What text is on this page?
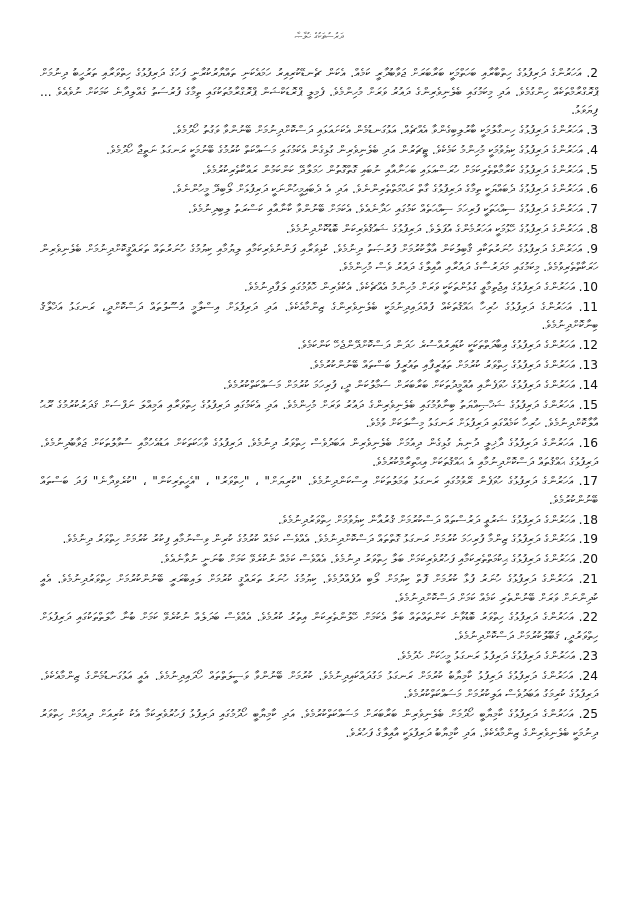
ދަރުސުތަކުގެ ޚުލާޞާ

2. އަހަރުންގެ ދަރިފުޅުގެ ހިތްބާރާއި ބަހަތްމަކީ ބަރާބަރަށް ޖަވާބުދާރީ ކަމެއް. އެކަން ޗެނޑޭކުރިއިރު ހަމައެކަނި ތައްޔާރުކުރާނީ ފަހުގެ ދަރިފުޅުގެ ހިތްވަރާއި ތަރުހީބު ދިނުމަށް ޕްރޮގްރާމްތަކެއް ހިންގުމެވެ. އަދި މިކަމުގައި ބެލެނިވެރިންގެ ދައުރު ވަރަށް މުހިންމެވެ. ފެމިލީ ޕްރޮޑަކްޝަން ޕްރޮގްރާމުތަކުގައި ތިމާގެ ފުރުސަތު ގެއްލިދާނެ ކަމަކަށް ނުވެއެވެ ... ފިޔަވަޅު.

3. އަހަރުންގެ ދަރިފުޅުގެ ހިނގާލުމަކީ ބާރުލިބިގެންވާ އެއްޗެއް. އަޅުގަނޑުމެން އެކަށައަޅައި ދަސްކޮށްދިނުމަށް ބޭނުންވާ ވަގުތު ހޯދުމެވެ.

4. އަހަރުންގެ ދަރިފުޅުގެ ކިޔެވުމަކީ މުހިންމު ކަމެކެވެ. ޓީޗަރުން އަދި ބެލެނިވެރިން ގުޅިގެން އެކަމުގައި މަސައްކަތް ކުރުމުގެ ބޭނުމަކީ ރަނގަޅު ނަތީޖާ ހޯދުމެވެ.

5. އަހަރުންގެ ދަރިފުޅުގެ ކަރާމާތްތެރިކަމަށް ހުރަސްއަޅައި ބަހަނާއާއި ނުބައި ގޮތްގޮތުން ހަމަލާދޭ ކަންކަމުން ރައްކާތެރިކުރުމެވެ.

6. އަހަރުންގެ ދަރިފުޅުގެ ދެބައްޔަކީ ތިމާގެ ދަރިފުޅުގެ ގާތް ރަޙްމަތްތެރިންނެވެ. އަދި އެ ދެބައިމީހުންނަކީ ދަރިފުޅަށް ލޯބިދޭ މީހުންނެވެ.

7. އަހަރުންގެ ދަރިފުޅުގެ ސިއްޙަތަކީ ފުރިހަމަ ސިއްޙަތެއް ކަމުގައި ހަދާނެއެވެ. އެކަމަށް ބޭނުންވާ ކާނާއާއި ކަސްރަތު ލިބިދިނުމެވެ.

8. އަހަރުންގެ ދަރިފުޅުގެ ހޭޅުމަކީ އަހަރުމެންގެ އުފަލެވެ. ދަރިފުޅުގެ ޝައުޤުވެރިކަން ބޮޑުކޮށްދިނުމެވެ.

9. އަހަރުންގެ ދަރިފުޅުގެ ހުނަރުތަކާއި ޤާބިލުކަން އާލާކުރުމަށް ފުރުޞަތު ދިނުމެވެ. ކުޅިވަރާއި ފަންނުވެރިކަމާއި ލިޔުމާއި ކިޔުމުގެ ހުނަރުތައް ތަރައްޤީކޮށްދިނުމަށް ބެލެނިވެރިން ހަރަކާތްތެރިވުމެވެ. މިކަމުގައި މަދަރުސާގެ ދައުރާއި އާއިލާގެ ދައުރު ވެސް މުހިންމެވެ.

10. އަހަރުންގެ ދަރިފުޅުގެ އިޖުތިމާޢީ ގުޅުންތަކަކީ ވަރަށް މުހިންމު އެއްޗެކެވެ. އެކުވެރިން ހޮވުމުގައި ލަފާދިނުމެވެ.

11. އަހަރުންގެ ދަރިފުޅުގެ ހުރިހާ ޙައްޤުތަކެއް ފުއްދައިދިނުމަކީ ބެލެނިވެރިންގެ ޒިންމާއެކެވެ. އަދި ދަރިފުޅަށް އިސްލާމީ އުސޫލުތައް ދަސްކޮށްދީ، ރަނގަޅު އަޚްލާޤު ބިނާކޮށްދިނުމެވެ.

12. އަހަރުންގެ ދަރިފުޅުގެ އިބާދަތްތަކަކީ ކުޑައިރުއްސުރެ ހަދަން ދަސްކޮށްދޭންޖެހޭ ކަންކަމެވެ.

13. އަހަރުންގެ ދަރިފުޅުގެ ހިތްވަރު ކުރުމަށް ތަޢުރީފާއި ތައުރީފު ބަސްތައް ބޭނުންކުރުމެވެ.

14. އަހަރުންގެ ދަރިފުޅުގެ ހުވަފެނާއި އުއްމީދުތަކަށް ބަރާބަރަށް ސަމާލުކަން ދީ، ފުރިހަމަ ކުރުމަށް މަސައްކަތްކުރުމެވެ.

15. އަހަރުންގެ ދަރިފުޅުގެ ޝަޚްޞިއްޔަތު ބިނާވުމުގައި ބެލެނިވެރިންގެ ދައުރު ވަރަށް މުހިންމެވެ. އަދި އެކަމުގައި ދަރިފުޅުގެ ހިތްވަރާއި އަމިއްލަ ނަފްސަށް ޤަދަރުކުރުމުގެ ރޫޙު އާލާކޮށްދިނުމެވެ. ހުރިހާ ކަމެއްގައި ދަރިފުޅަށް ރަނގަޅު މިސާލަކަށް ވުމެވެ.

16. އަހަރުންގެ ދަރިފުޅުގެ ދާޚިލީ ދުނިޔެ ގުޅިގެން ދިއުމަށް ބެލެނިވެރިން އަބަދުވެސް ހިތްވަރު ދިނުމެވެ. ދަރިފުޅުގެ ވާހަކަތަކަށް އަޑުއެހުމާއި ސުވާލުތަކަށް ޖަވާބުދިނުމެވެ. ދަރިފުޅުގެ ޙައްޤުތައް ދަސްކޮށްދިނުމާއި އެ ޙައްޤުތަކަށް އިޙްތިރާމްކުރުމެވެ.

17. އަހަރުންގެ ދަރިފުޅުގެ ހުވަފެން ރޭވުމުގައި ރަނގަޅު ޢަމަލުތަކަށް އިސްކަންދިނުމެވެ. "ކުރިޔަށް" ، "ހިތްވަރު" ، "އެހީތެރިކަން" ، "ކުރެވިދާނެ" ފަދަ ބަސްތައް ބޭނުންކުރުމެވެ.

18. އަހަރުންގެ ދަރިފުޅުގެ ޝަރުޢީ ދަރުސްތައް ދަސްކުރުމަށް ޤުރުއާން ކިޔެވުމަށް ހިތްވަރުދިނުމެވެ.

19. އަހަރުންގެ ދަރިފުޅުގެ ޒިންމާ ފުރިހަމަ ކުރުމަށް ރަނގަޅު ގޮތްތައް ދަސްކޮށްދިނުމެވެ. އެއްވެސް ކަމެއް ކުރުމުގެ ކުރިން ވިސްނުމާއި ފިކުރު ކުރުމަށް ހިތްވަރު ދިނުމެވެ.

20. އަހަރުންގެ ދަރިފުޅުގެ ޙިކުމަތްތެރިކަމާއި ފަހުރުވެރިކަމަށް ބަލާ ހިތްވަރު ދިނުމެވެ. އެއްވެސް ކަމެއް ނުކުރެވޭ ކަމަށް ބުނަނީ ނުވާނެއެވެ.

21. އަހަރުންގެ ދަރިފުޅުގެ ހުނަރު ފުޅާ ކުރުމަށް ފޮތް ކިޔުމަށް ލޯބި އުފެއްދުމެވެ. ކިޔުމުގެ ހުނަރު ތަރައްޤީ ކުރުމަށް ލައިބްރަރީ ބޭނުންކުރުމަށް ހިތްވަރުދިނުމެވެ. އެއީ ކުދިންނަށް ވަރަށް ބޭނުންތެރި ކަމެއް ކަމަށް ދަސްކޮށްދިނުމެވެ.

22. އަހަރުންގެ ދަރިފުޅުގެ ހިތްވަރު ބޮޑުވާނެ ކަންތައްތައް ބަލާ އެކަމަށް ހޭލުންތެރިކަން އިތުރު ކުރުމެވެ. އެއްވެސް ބަދަލެއް ނުކުރެވޭ ކަމަށް ބުނާ ހާލަތްތަކުގައި ދަރިފުޅަށް ހިތްވަރުދީ، ޤަބޫލުކުރުމަށް ދަސްކޮށްދިނުމެވެ.

23. އަހަރުންގެ ދަރިފުޅުގެ ދަރިފުޅު ރަނގަޅު މީހަކަށް ހެދުމެވެ.

24. އަހަރުންގެ ދަރިފުޅުގެ ދަރިފުޅު ކާމިޔާބު ކުރުމަށް ރަނގަޅު މަގުދައްކައިދިނުމެވެ. ކުރުމަށް ބޭނުންވާ ވަސީލަތްތައް ހޯދައިދިނުމެވެ. އެއީ އަޅުގަނޑުމެންގެ ޒިންމާއެކެވެ. ދަރިފުޅުގެ ކުރިމަގު އަބަދުވެސް އަލިކުރުމަށް މަސައްކަތްކުރުމެވެ.

25. އަހަރުންގެ ދަރިފުޅުގެ ކާމިޔާބީ ހޯދުމަށް ބެލެނިވެރިން ބަރާބަރަށް މަސައްކަތްކުރުމެވެ. އަދި ކާމިޔާބީ ހޯދުމުގައި ދަރިފުޅު ފަހުރުވެރިކަމާ އެކު ކުރިއަށް ދިއުމަށް ހިތްވަރު ދިނުމަކީ ބެލެނިވެރިންގެ ޒިންމާއެކެވެ. އަދި ކާމިޔާބު ދަރިފުޅަކީ އާއިލާގެ ފަހުރެވެ.
